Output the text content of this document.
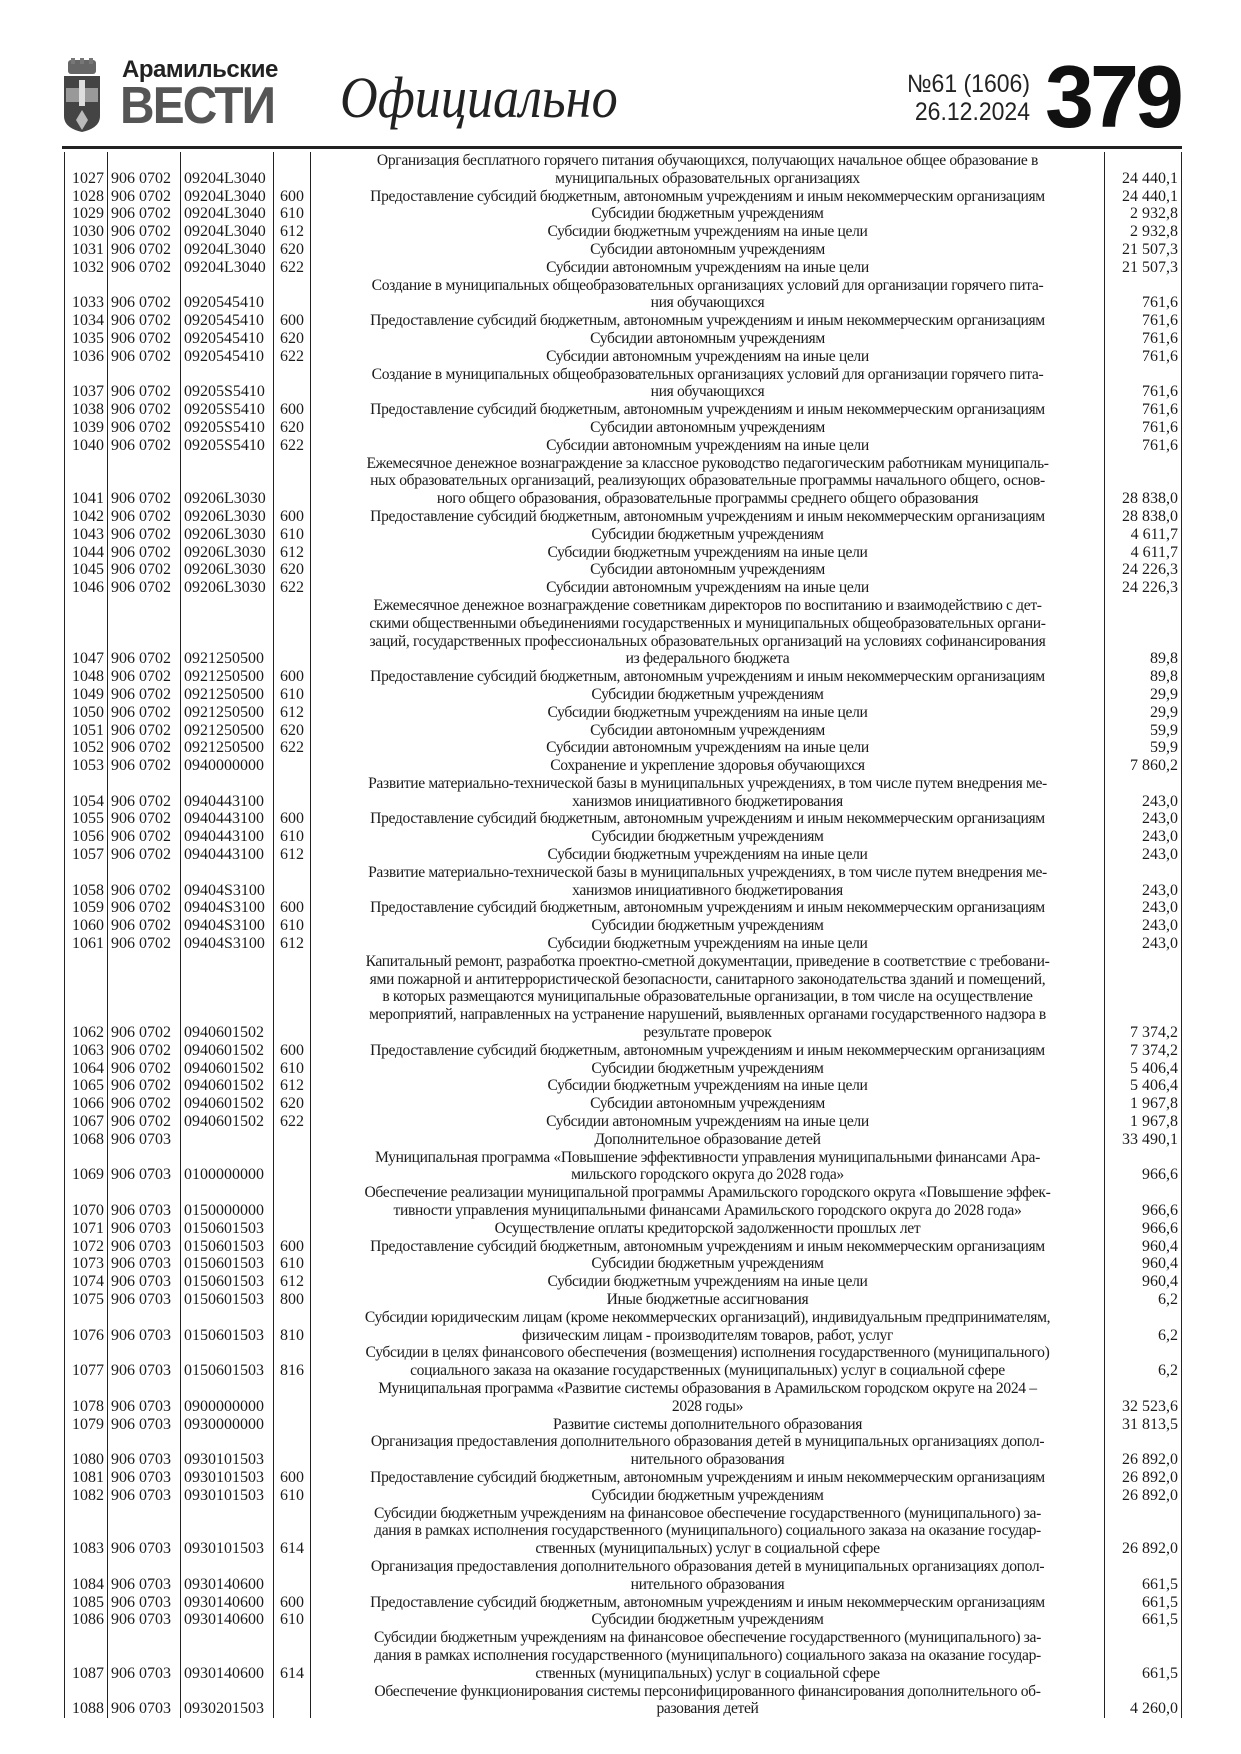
Арамильские
ВЕСТИ Официально	№61 (1606)
26.12.2024 379
1027	906 0702	09204L3040		Организация бесплатного горячего питания обучающихся, получающих начальное общее образование в
муниципальных образовательных организациях	24 440,1
1028	906 0702	09204L3040	600	Предоставление субсидий бюджетным, автономным учреждениям и иным некоммерческим организациям	24 440,1
1029	906 0702	09204L3040	610	Субсидии бюджетным учреждениям	2 932,8
1030	906 0702	09204L3040	612	Субсидии бюджетным учреждениям на иные цели	2 932,8
1031	906 0702	09204L3040	620	Субсидии автономным учреждениям	21 507,3
1032	906 0702	09204L3040	622	Субсидии автономным учреждениям на иные цели	21 507,3
1033	906 0702	0920545410		Создание в муниципальных общеобразовательных организациях условий для организации горячего пита-
ния обучающихся	761,6
1034	906 0702	0920545410	600	Предоставление субсидий бюджетным, автономным учреждениям и иным некоммерческим организациям	761,6
1035	906 0702	0920545410	620	Субсидии автономным учреждениям	761,6
1036	906 0702	0920545410	622	Субсидии автономным учреждениям на иные цели	761,6
1037	906 0702	09205S5410		Создание в муниципальных общеобразовательных организациях условий для организации горячего пита-
ния обучающихся	761,6
1038	906 0702	09205S5410	600	Предоставление субсидий бюджетным, автономным учреждениям и иным некоммерческим организациям	761,6
1039	906 0702	09205S5410	620	Субсидии автономным учреждениям	761,6
1040	906 0702	09205S5410	622	Субсидии автономным учреждениям на иные цели	761,6
1041	906 0702	09206L3030		Ежемесячное денежное вознаграждение за классное руководство педагогическим работникам муниципаль-
ных образовательных организаций, реализующих образовательные программы начального общего, основ-
ного общего образования, образовательные программы среднего общего образования	28 838,0
1042	906 0702	09206L3030	600	Предоставление субсидий бюджетным, автономным учреждениям и иным некоммерческим организациям	28 838,0
1043	906 0702	09206L3030	610	Субсидии бюджетным учреждениям	4 611,7
1044	906 0702	09206L3030	612	Субсидии бюджетным учреждениям на иные цели	4 611,7
1045	906 0702	09206L3030	620	Субсидии автономным учреждениям	24 226,3
1046	906 0702	09206L3030	622	Субсидии автономным учреждениям на иные цели	24 226,3
1047	906 0702	0921250500		Ежемесячное денежное вознаграждение советникам директоров по воспитанию и взаимодействию с дет-
скими общественными объединениями государственных и муниципальных общеобразовательных органи-
заций, государственных профессиональных образовательных организаций на условиях софинансирования
из федерального бюджета	89,8
1048	906 0702	0921250500	600	Предоставление субсидий бюджетным, автономным учреждениям и иным некоммерческим организациям	89,8
1049	906 0702	0921250500	610	Субсидии бюджетным учреждениям	29,9
1050	906 0702	0921250500	612	Субсидии бюджетным учреждениям на иные цели	29,9
1051	906 0702	0921250500	620	Субсидии автономным учреждениям	59,9
1052	906 0702	0921250500	622	Субсидии автономным учреждениям на иные цели	59,9
1053	906 0702	0940000000		Сохранение и укрепление здоровья обучающихся	7 860,2
1054	906 0702	0940443100		Развитие материально-технической базы в муниципальных учреждениях, в том числе путем внедрения ме-
ханизмов инициативного бюджетирования	243,0
1055	906 0702	0940443100	600	Предоставление субсидий бюджетным, автономным учреждениям и иным некоммерческим организациям	243,0
1056	906 0702	0940443100	610	Субсидии бюджетным учреждениям	243,0
1057	906 0702	0940443100	612	Субсидии бюджетным учреждениям на иные цели	243,0
1058	906 0702	09404S3100		Развитие материально-технической базы в муниципальных учреждениях, в том числе путем внедрения ме-
ханизмов инициативного бюджетирования	243,0
1059	906 0702	09404S3100	600	Предоставление субсидий бюджетным, автономным учреждениям и иным некоммерческим организациям	243,0
1060	906 0702	09404S3100	610	Субсидии бюджетным учреждениям	243,0
1061	906 0702	09404S3100	612	Субсидии бюджетным учреждениям на иные цели	243,0
1062	906 0702	0940601502		Капитальный ремонт, разработка проектно-сметной документации, приведение в соответствие с требовани-
ями пожарной и антитеррористической безопасности, санитарного законодательства зданий и помещений,
в которых размещаются муниципальные образовательные организации, в том числе на осуществление
мероприятий, направленных на устранение нарушений, выявленных органами государственного надзора в
результате проверок	7 374,2
1063	906 0702	0940601502	600	Предоставление субсидий бюджетным, автономным учреждениям и иным некоммерческим организациям	7 374,2
1064	906 0702	0940601502	610	Субсидии бюджетным учреждениям	5 406,4
1065	906 0702	0940601502	612	Субсидии бюджетным учреждениям на иные цели	5 406,4
1066	906 0702	0940601502	620	Субсидии автономным учреждениям	1 967,8
1067	906 0702	0940601502	622	Субсидии автономным учреждениям на иные цели	1 967,8
1068	906 0703			Дополнительное образование детей	33 490,1
1069	906 0703	0100000000		Муниципальная программа «Повышение эффективности управления муниципальными финансами Ара-
мильского городского округа до 2028 года»	966,6
1070	906 0703	0150000000		Обеспечение реализации муниципальной программы Арамильского городского округа «Повышение эффек-
тивности управления муниципальными финансами Арамильского городского округа до 2028 года»	966,6
1071	906 0703	0150601503		Осуществление оплаты кредиторской задолженности прошлых лет	966,6
1072	906 0703	0150601503	600	Предоставление субсидий бюджетным, автономным учреждениям и иным некоммерческим организациям	960,4
1073	906 0703	0150601503	610	Субсидии бюджетным учреждениям	960,4
1074	906 0703	0150601503	612	Субсидии бюджетным учреждениям на иные цели	960,4
1075	906 0703	0150601503	800	Иные бюджетные ассигнования	6,2
1076	906 0703	0150601503	810	Субсидии юридическим лицам (кроме некоммерческих организаций), индивидуальным предпринимателям,
физическим лицам - производителям товаров, работ, услуг	6,2
1077	906 0703	0150601503	816	Субсидии в целях финансового обеспечения (возмещения) исполнения государственного (муниципального)
социального заказа на оказание государственных (муниципальных) услуг в социальной сфере	6,2
1078	906 0703	0900000000		Муниципальная программа «Развитие системы образования в Арамильском городском округе на 2024 –
2028 годы»	32 523,6
1079	906 0703	0930000000		Развитие системы дополнительного образования	31 813,5
1080	906 0703	0930101503		Организация предоставления дополнительного образования детей в муниципальных организациях допол-
нительного образования	26 892,0
1081	906 0703	0930101503	600	Предоставление субсидий бюджетным, автономным учреждениям и иным некоммерческим организациям	26 892,0
1082	906 0703	0930101503	610	Субсидии бюджетным учреждениям	26 892,0
1083	906 0703	0930101503	614	Субсидии бюджетным учреждениям на финансовое обеспечение государственного (муниципального) за-
дания в рамках исполнения государственного (муниципального) социального заказа на оказание государ-
ственных (муниципальных) услуг в социальной сфере	26 892,0
1084	906 0703	0930140600		Организация предоставления дополнительного образования детей в муниципальных организациях допол-
нительного образования	661,5
1085	906 0703	0930140600	600	Предоставление субсидий бюджетным, автономным учреждениям и иным некоммерческим организациям	661,5
1086	906 0703	0930140600	610	Субсидии бюджетным учреждениям	661,5
1087	906 0703	0930140600	614	Субсидии бюджетным учреждениям на финансовое обеспечение государственного (муниципального) за-
дания в рамках исполнения государственного (муниципального) социального заказа на оказание государ-
ственных (муниципальных) услуг в социальной сфере	661,5
1088	906 0703	0930201503		Обеспечение функционирования системы персонифицированного финансирования дополнительного об-
разования детей	4 260,0
